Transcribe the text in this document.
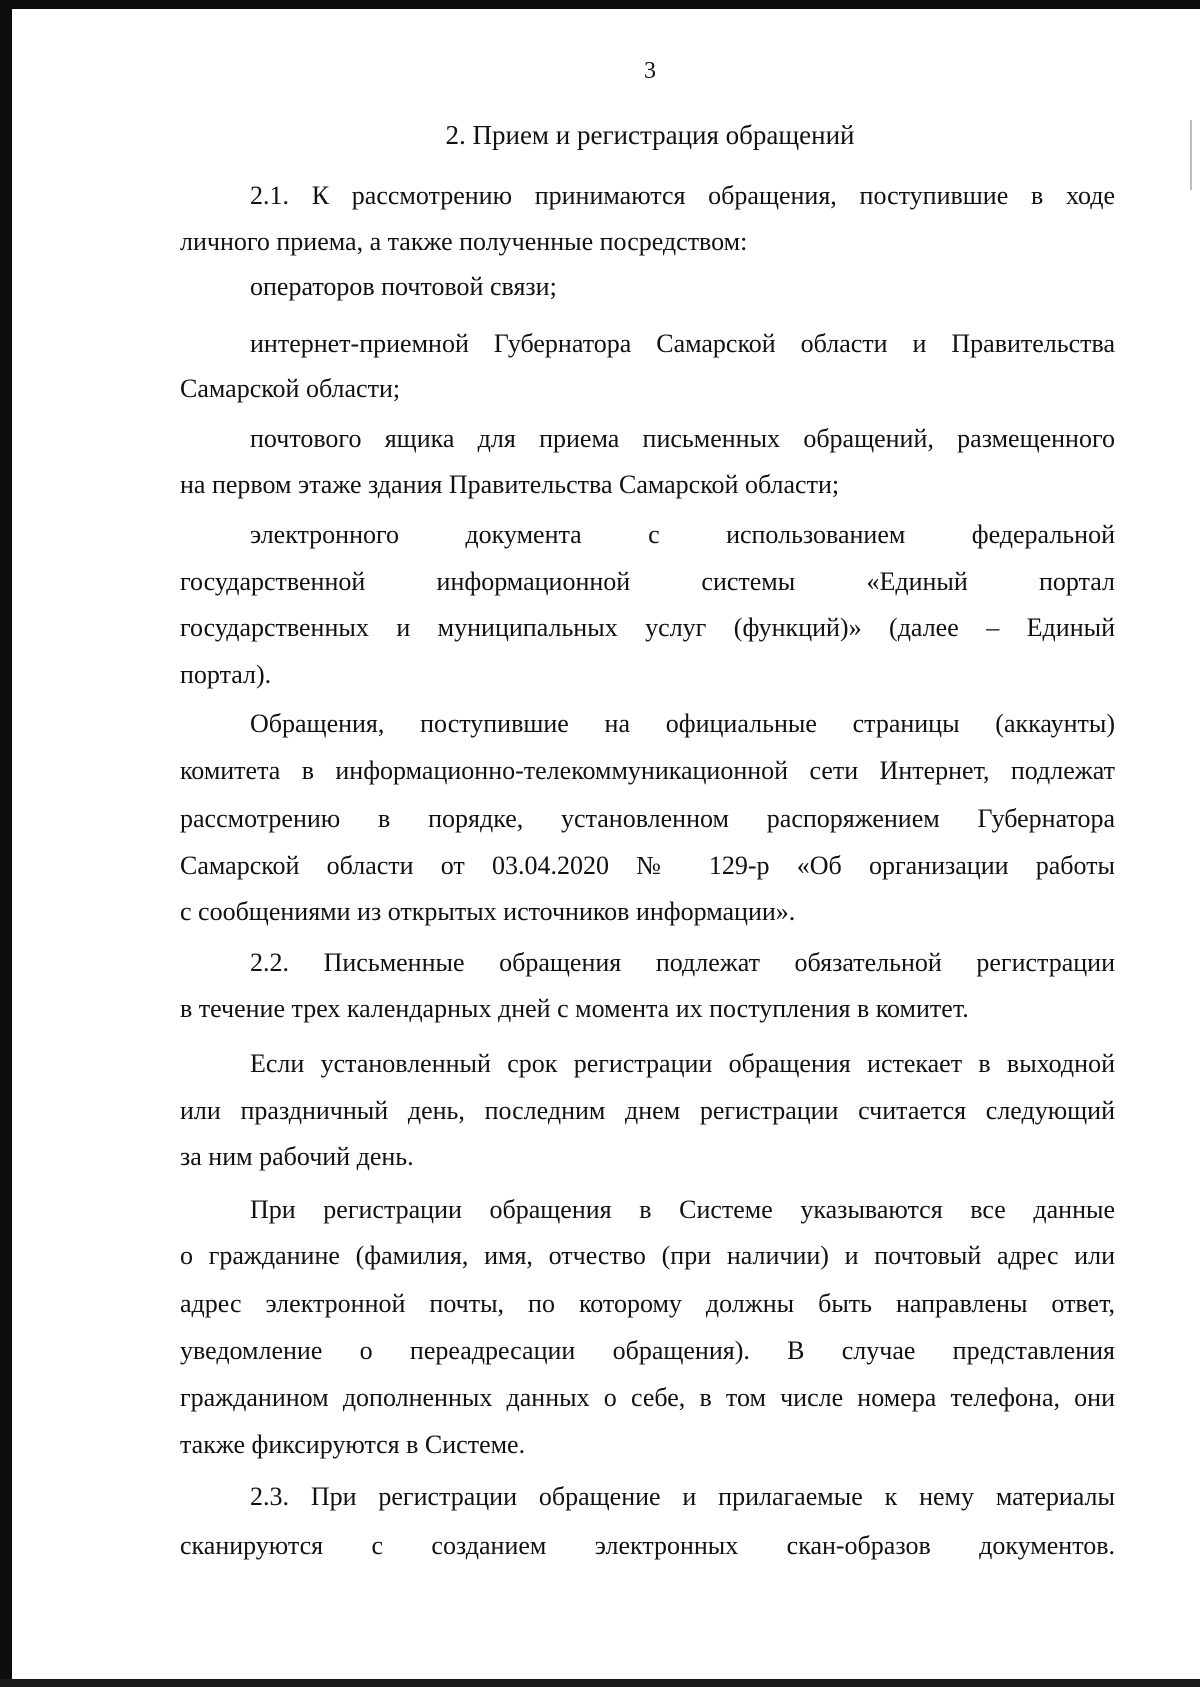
3
2. Прием и регистрация обращений
2.1. К рассмотрению принимаются обращения, поступившие в ходе
личного приема, а также полученные посредством:
операторов почтовой связи;
интернет-приемной Губернатора Самарской области и Правительства
Самарской области;
почтового ящика для приема письменных обращений, размещенного
на первом этаже здания Правительства Самарской области;
электронного документа с использованием федеральной
государственной информационной системы «Единый портал
государственных и муниципальных услуг (функций)» (далее – Единый
портал).
Обращения, поступившие на официальные страницы (аккаунты)
комитета в информационно-телекоммуникационной сети Интернет, подлежат
рассмотрению в порядке, установленном распоряжением Губернатора
Самарской области от 03.04.2020 № 129-р «Об организации работы
с сообщениями из открытых источников информации».
2.2. Письменные обращения подлежат обязательной регистрации
в течение трех календарных дней с момента их поступления в комитет.
Если установленный срок регистрации обращения истекает в выходной
или праздничный день, последним днем регистрации считается следующий
за ним рабочий день.
При регистрации обращения в Системе указываются все данные
о гражданине (фамилия, имя, отчество (при наличии) и почтовый адрес или
адрес электронной почты, по которому должны быть направлены ответ,
уведомление о переадресации обращения). В случае представления
гражданином дополненных данных о себе, в том числе номера телефона, они
также фиксируются в Системе.
2.3. При регистрации обращение и прилагаемые к нему материалы
сканируются с созданием электронных скан-образов документов.
